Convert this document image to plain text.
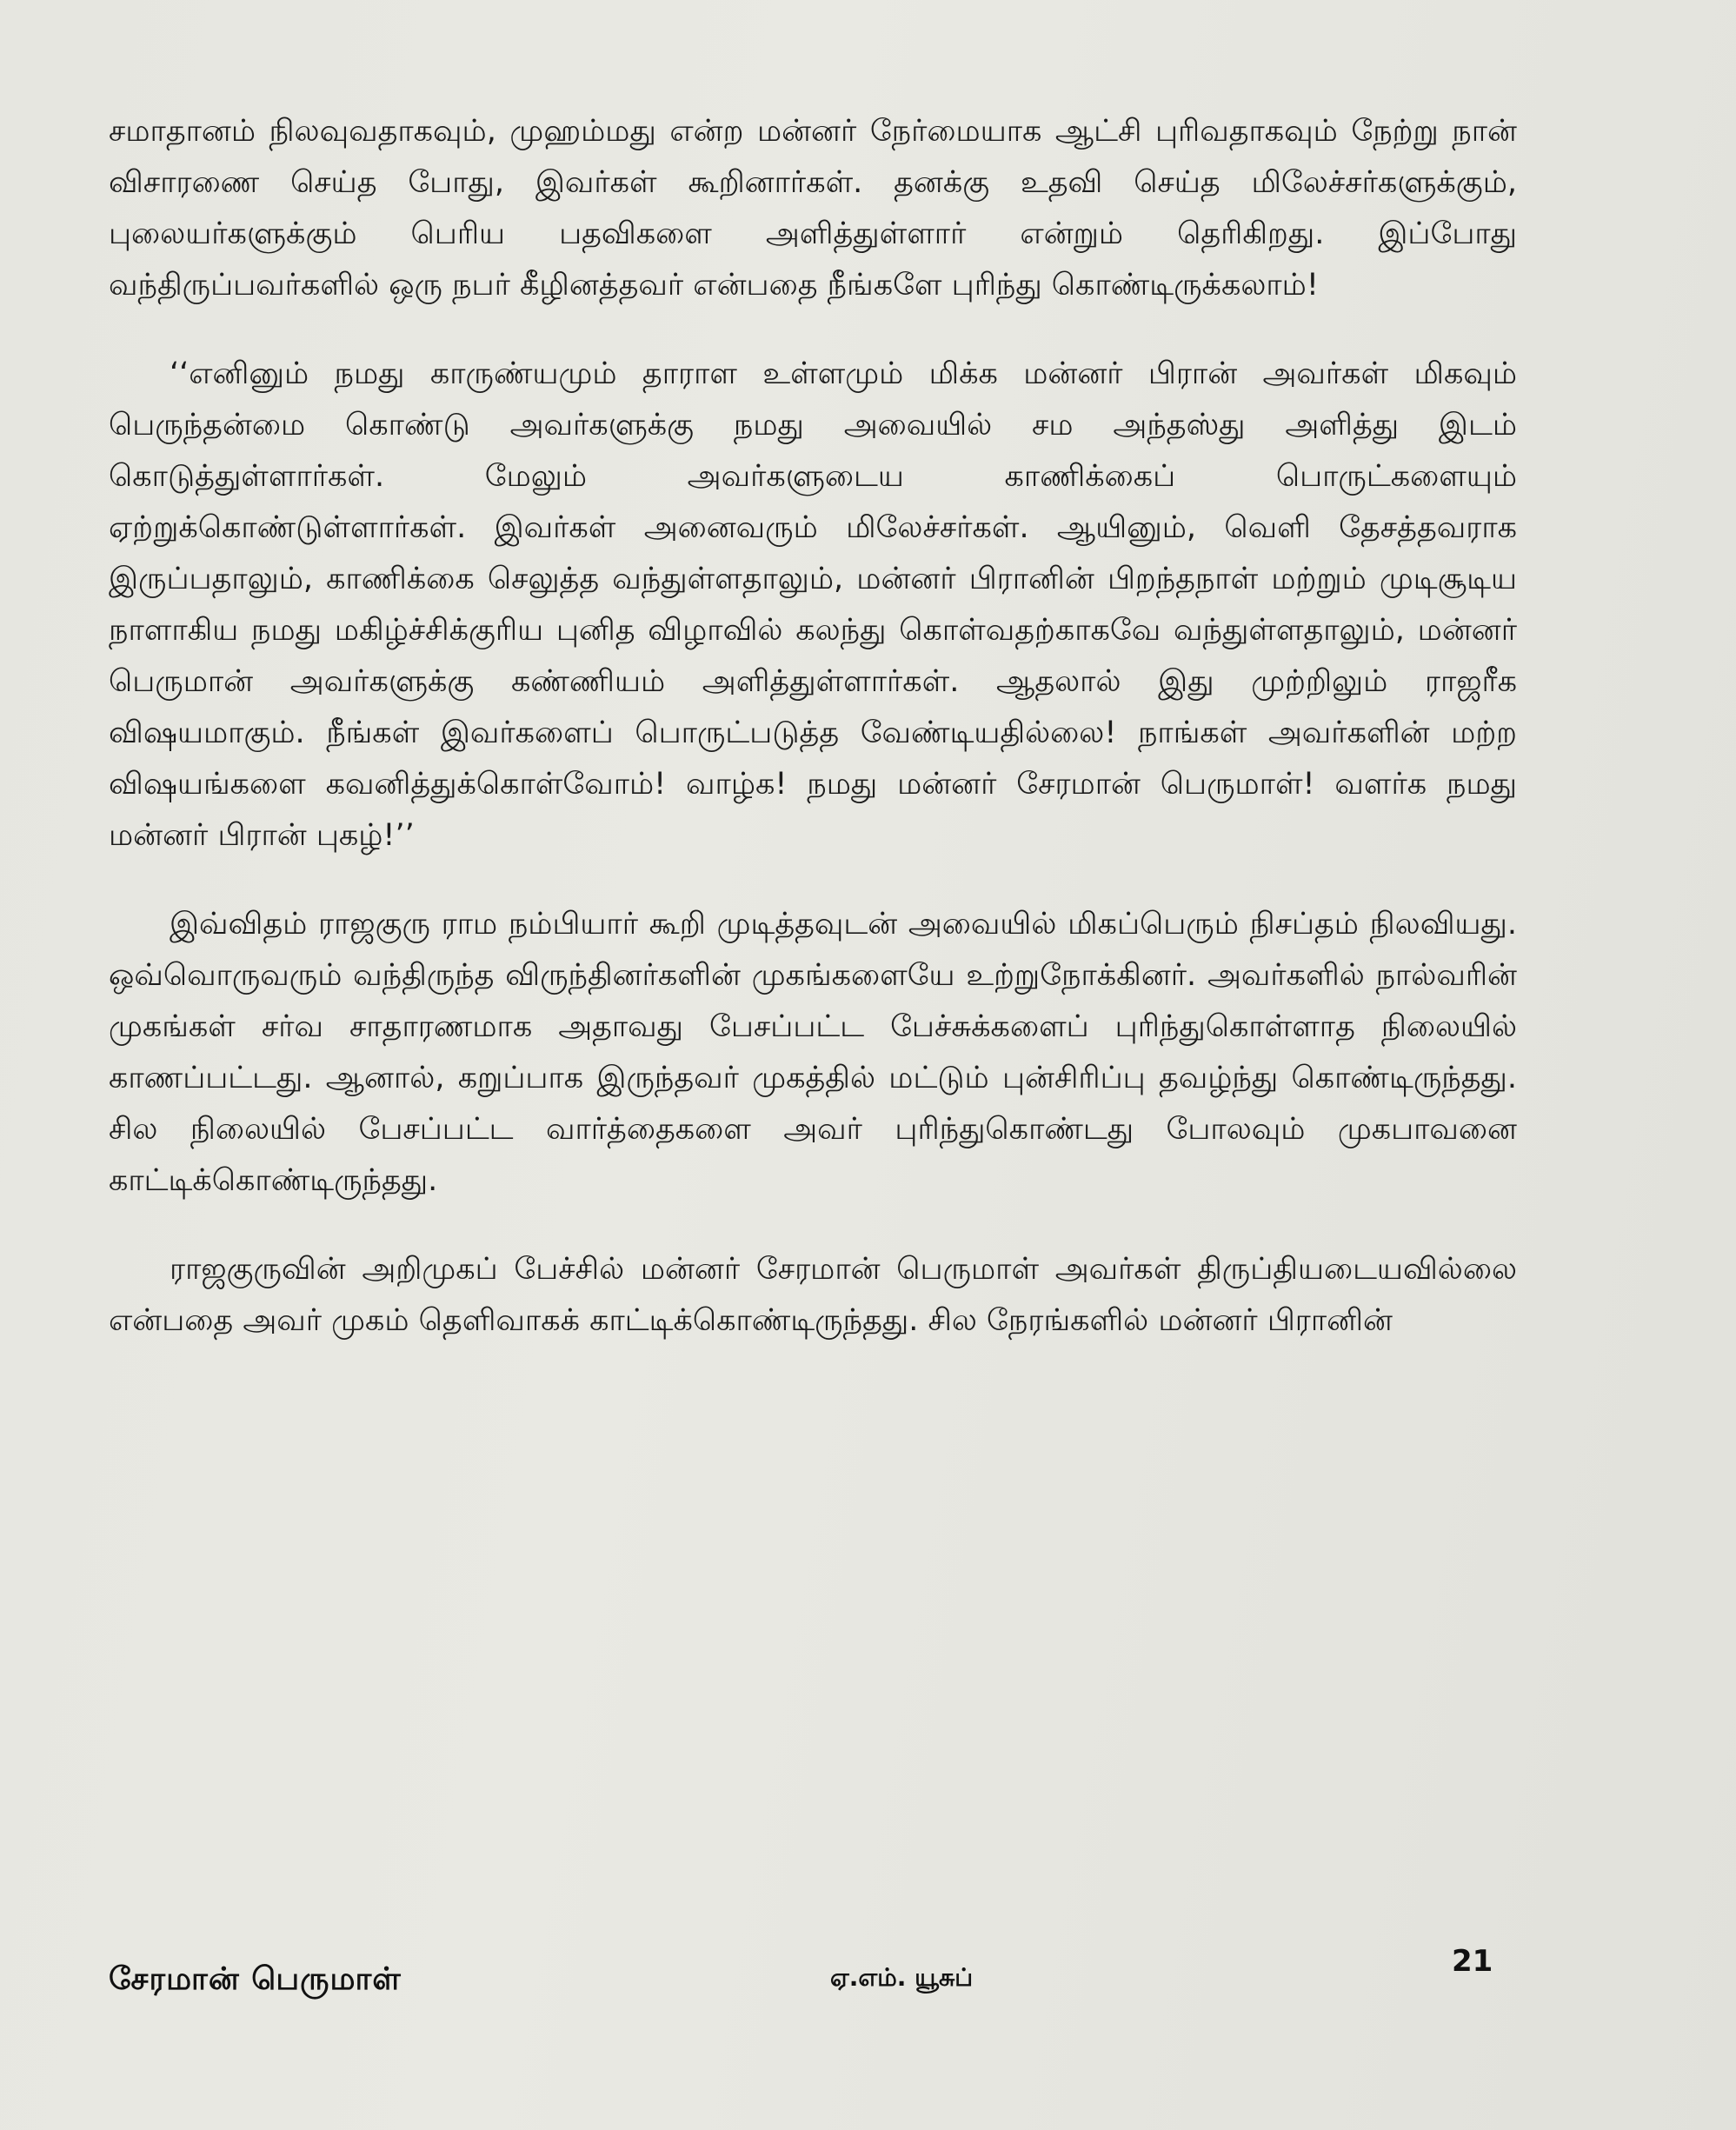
சமாதானம் நிலவுவதாகவும், முஹம்மது என்ற மன்னர் நேர்மையாக ஆட்சி புரிவதாகவும் நேற்று நான் விசாரணை செய்த போது, இவர்கள் கூறினார்கள். தனக்கு உதவி செய்த மிலேச்சர்களுக்கும், புலையர்களுக்கும் பெரிய பதவிகளை அளித்துள்ளார் என்றும் தெரிகிறது. இப்போது வந்திருப்பவர்களில் ஒரு நபர் கீழினத்தவர் என்பதை நீங்களே புரிந்து கொண்டிருக்கலாம்!

‘‘எனினும் நமது காருண்யமும் தாராள உள்ளமும் மிக்க மன்னர் பிரான் அவர்கள் மிகவும் பெருந்தன்மை கொண்டு அவர்களுக்கு நமது அவையில் சம அந்தஸ்து அளித்து இடம் கொடுத்துள்ளார்கள். மேலும் அவர்களுடைய காணிக்கைப் பொருட்களையும் ஏற்றுக்கொண்டுள்ளார்கள். இவர்கள் அனைவரும் மிலேச்சர்கள். ஆயினும், வெளி தேசத்தவராக இருப்பதாலும், காணிக்கை செலுத்த வந்துள்ளதாலும், மன்னர் பிரானின் பிறந்தநாள் மற்றும் முடிசூடிய நாளாகிய நமது மகிழ்ச்சிக்குரிய புனித விழாவில் கலந்து கொள்வதற்காகவே வந்துள்ளதாலும், மன்னர் பெருமான் அவர்களுக்கு கண்ணியம் அளித்துள்ளார்கள். ஆதலால் இது முற்றிலும் ராஜரீக விஷயமாகும். நீங்கள் இவர்களைப் பொருட்படுத்த வேண்டியதில்லை! நாங்கள் அவர்களின் மற்ற விஷயங்களை கவனித்துக்கொள்வோம்! வாழ்க! நமது மன்னர் சேரமான் பெருமாள்! வளர்க நமது மன்னர் பிரான் புகழ்!’’

இவ்விதம் ராஜகுரு ராம நம்பியார் கூறி முடித்தவுடன் அவையில் மிகப்பெரும் நிசப்தம் நிலவியது. ஒவ்வொருவரும் வந்திருந்த விருந்தினர்களின் முகங்களையே உற்றுநோக்கினர். அவர்களில் நால்வரின் முகங்கள் சர்வ சாதாரணமாக அதாவது பேசப்பட்ட பேச்சுக்களைப் புரிந்துகொள்ளாத நிலையில் காணப்பட்டது. ஆனால், கறுப்பாக இருந்தவர் முகத்தில் மட்டும் புன்சிரிப்பு தவழ்ந்து கொண்டிருந்தது. சில நிலையில் பேசப்பட்ட வார்த்தைகளை அவர் புரிந்துகொண்டது போலவும் முகபாவனை காட்டிக்கொண்டிருந்தது.

ராஜகுருவின் அறிமுகப் பேச்சில் மன்னர் சேரமான் பெருமாள் அவர்கள் திருப்தியடையவில்லை என்பதை அவர் முகம் தெளிவாகக் காட்டிக்கொண்டிருந்தது. சில நேரங்களில் மன்னர் பிரானின்

சேரமான் பெருமாள்	ஏ.எம். யூசுப்	21
